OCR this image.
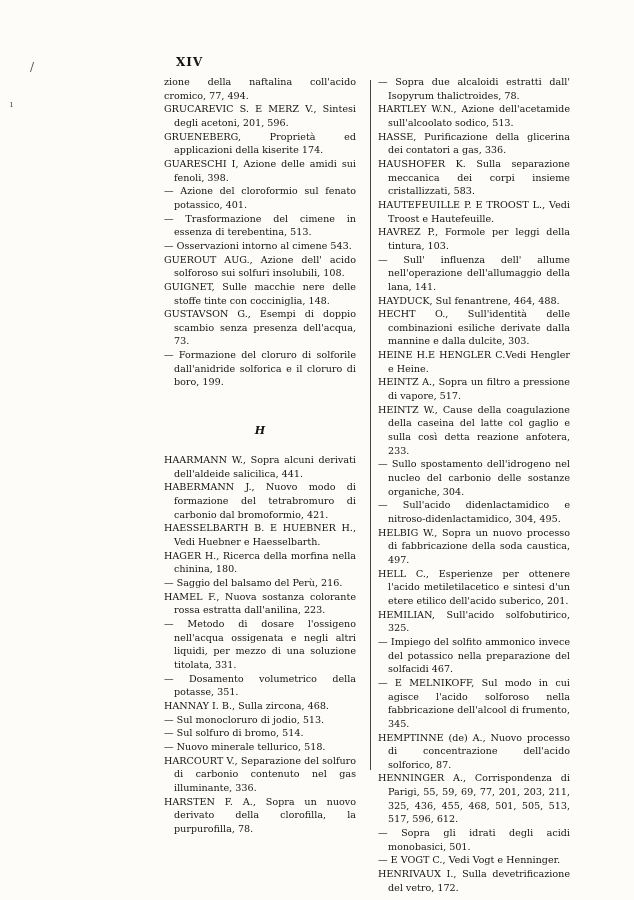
XIV

zione della naftalina coll'acido cromico, 77, 494.

GRUCAREVIC S. E MERZ V., Sintesi degli acetoni, 201, 596.

GRUENEBERG, Proprietà ed applicazioni della kiserite 174.

GUARESCHI I, Azione delle amidi sui fenoli, 398.

— Azione del cloroformio sul fenato potassico, 401.

— Trasformazione del cimene in essenza di terebentina, 513.

— Osservazioni intorno al cimene 543.

GUEROUT AUG., Azione dell' acido solforoso sui solfuri insolubili, 108.

GUIGNET, Sulle macchie nere delle stoffe tinte con cocciniglia, 148.

GUSTAVSON G., Esempi di doppio scambio senza presenza dell'acqua, 73.

— Formazione del cloruro di solforile dall'anidride solforica e il cloruro di boro, 199.

H

HAARMANN W., Sopra alcuni derivati dell'aldeide salicilica, 441.

HABERMANN J., Nuovo modo di formazione del tetrabromuro di carbonio dal bromoformio, 421.

HAESSELBARTH B. E HUEBNER H., Vedi Huebner e Haesselbarth.

HAGER H., Ricerca della morfina nella chinina, 180.

— Saggio del balsamo del Perù, 216.

HAMEL F., Nuova sostanza colorante rossa estratta dall'anilina, 223.

— Metodo di dosare l'ossigeno nell'acqua ossigenata e negli altri liquidi, per mezzo di una soluzione titolata, 331.

— Dosamento volumetrico della potasse, 351.

HANNAY I. B., Sulla zircona, 468.

— Sul monocloruro di jodio, 513.

— Sul solfuro di bromo, 514.

— Nuovo minerale tellurico, 518.

HARCOURT V., Separazione del solfuro di carbonio contenuto nel gas illuminante, 336.

HARSTEN F. A., Sopra un nuovo derivato della clorofilla, la purpurofilla, 78.

— Sopra due alcaloidi estratti dall' Isopyrum thalictroides, 78.

HARTLEY W.N., Azione dell'acetamide sull'alcoolato sodico, 513.

HASSE, Purificazione della glicerina dei contatori a gas, 336.

HAUSHOFER K. Sulla separazione meccanica dei corpi insieme cristallizzati, 583.

HAUTEFEUILLE P. E TROOST L., Vedi Troost e Hautefeuille.

HAVREZ P., Formole per leggi della tintura, 103.

— Sull' influenza dell' allume nell'operazione dell'allumaggio della lana, 141.

HAYDUCK, Sul fenantrene, 464, 488.

HECHT O., Sull'identità delle combinazioni esiliche derivate dalla mannine e dalla dulcite, 303.

HEINE H.E HENGLER C.Vedi Hengler e Heine.

HEINTZ A., Sopra un filtro a pressione di vapore, 517.

HEINTZ W., Cause della coagulazione della caseina del latte col gaglio e sulla così detta reazione anfotera, 233.

— Sullo spostamento dell'idrogeno nel nucleo del carbonio delle sostanze organiche, 304.

— Sull'acido didenlactamidico e nitroso-didenlactamidico, 304, 495.

HELBIG W., Sopra un nuovo processo di fabbricazione della soda caustica, 497.

HELL C., Esperienze per ottenere l'acido metiletilacetico e sintesi d'un etere etilico dell'acido suberico, 201.

HEMILIAN, Sull'acido solfobutirico, 325.

— Impiego del solfito ammonico invece del potassico nella preparazione del solfacidi 467.

— E MELNIKOFF, Sul modo in cui agisce l'acido solforoso nella fabbricazione dell'alcool di frumento, 345.

HEMPTINNE (de) A., Nuovo processo di concentrazione dell'acido solforico, 87.

HENNINGER A., Corrispondenza di Parigi, 55, 59, 69, 77, 201, 203, 211, 325, 436, 455, 468, 501, 505, 513, 517, 596, 612.

— Sopra gli idrati degli acidi monobasici, 501.

— E VOGT C., Vedi Vogt e Henninger.

HENRIVAUX I., Sulla devetrificazione del vetro, 172.

/
ı
